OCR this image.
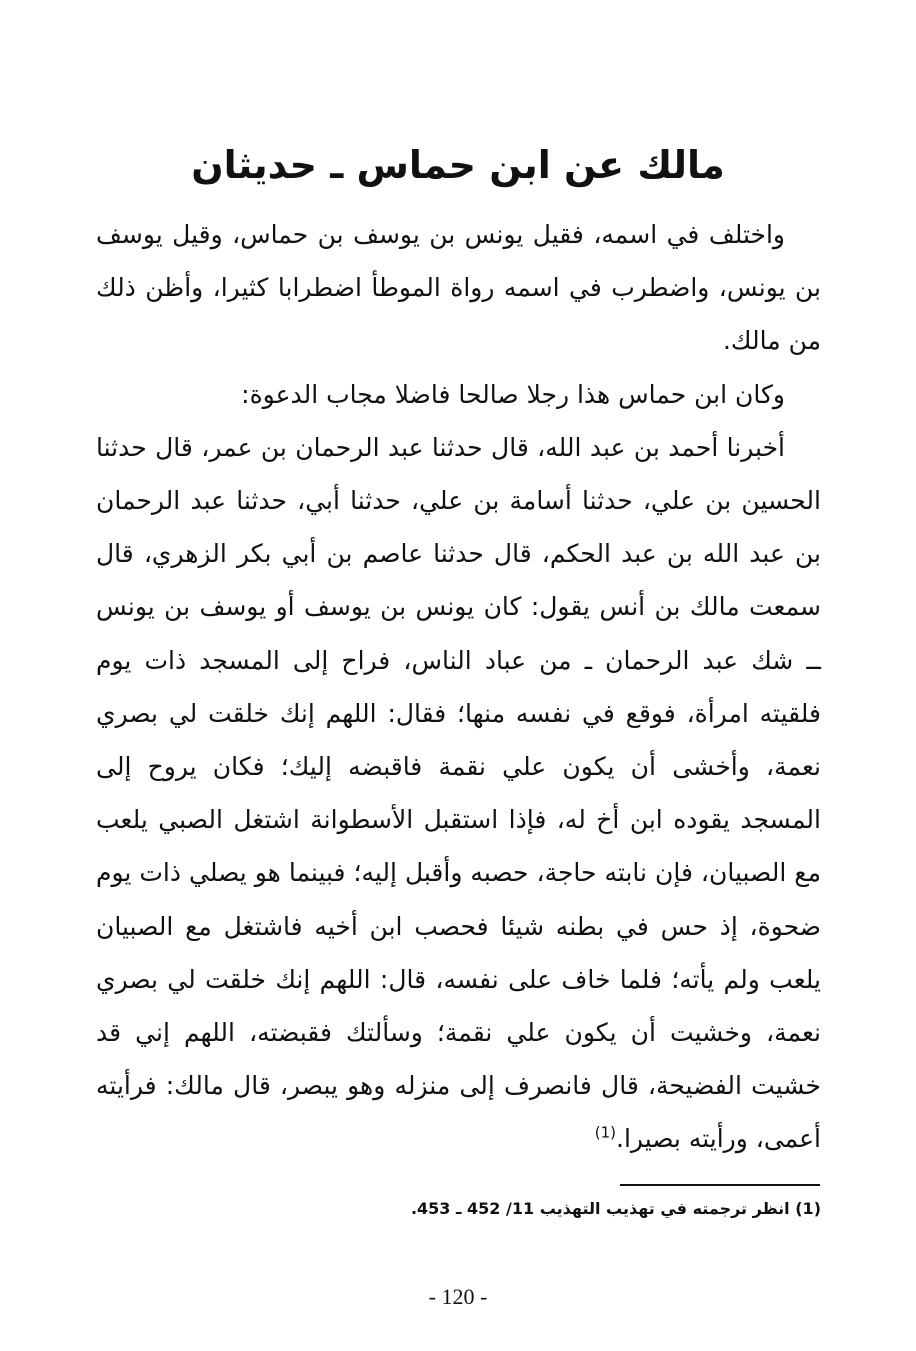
مالك عن ابن حماس ـ حديثان

واختلف في اسمه، فقيل يونس بن يوسف بن حماس، وقيل يوسف بن يونس، واضطرب في اسمه رواة الموطأ اضطرابا كثيرا، وأظن ذلك من مالك.

وكان ابن حماس هذا رجلا صالحا فاضلا مجاب الدعوة:

أخبرنا أحمد بن عبد الله، قال حدثنا عبد الرحمان بن عمر، قال حدثنا الحسين بن علي، حدثنا أسامة بن علي، حدثنا أبي، حدثنا عبد الرحمان بن عبد الله بن عبد الحكم، قال حدثنا عاصم بن أبي بكر الزهري، قال سمعت مالك بن أنس يقول: كان يونس بن يوسف أو يوسف بن يونس ــ شك عبد الرحمان ـ من عباد الناس، فراح إلى المسجد ذات يوم فلقيته امرأة، فوقع في نفسه منها؛ فقال: اللهم إنك خلقت لي بصري نعمة، وأخشى أن يكون علي نقمة فاقبضه إليك؛ فكان يروح إلى المسجد يقوده ابن أخ له، فإذا استقبل الأسطوانة اشتغل الصبي يلعب مع الصبيان، فإن نابته حاجة، حصبه وأقبل إليه؛ فبينما هو يصلي ذات يوم ضحوة، إذ حس في بطنه شيئا فحصب ابن أخيه فاشتغل مع الصبيان يلعب ولم يأته؛ فلما خاف على نفسه، قال: اللهم إنك خلقت لي بصري نعمة، وخشيت أن يكون علي نقمة؛ وسألتك فقبضته، اللهم إني قد خشيت الفضيحة، قال فانصرف إلى منزله وهو يبصر، قال مالك: فرأيته أعمى، ورأيته بصيرا.$^{(1)}$

(1) انظر ترجمته في تهذيب التهذيب 11/ 452 ـ 453.

- 120 -
